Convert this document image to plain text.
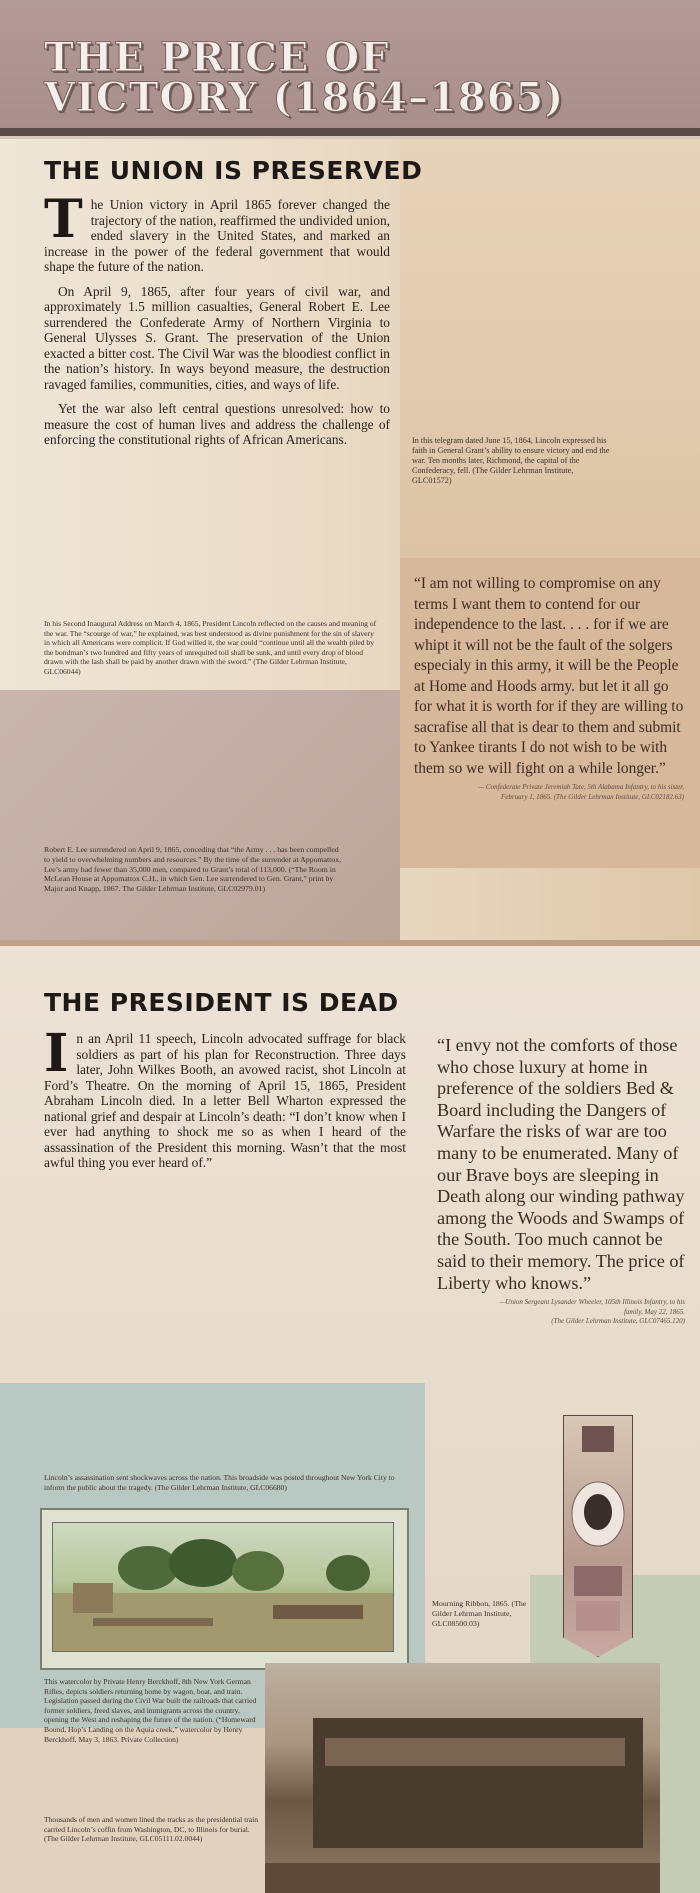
THE PRICE OF
VICTORY (1864–1865)
THE UNION IS PRESERVED

The Union victory in April 1865 forever changed the trajectory of the nation, reaffirmed the undivided union, ended slavery in the United States, and marked an increase in the power of the federal government that would shape the future of the nation.

On April 9, 1865, after four years of civil war, and approximately 1.5 million casualties, General Robert E. Lee surrendered the Confederate Army of Northern Virginia to General Ulysses S. Grant. The preservation of the Union exacted a bitter cost. The Civil War was the bloodiest conflict in the nation’s history. In ways beyond measure, the destruction ravaged families, communities, cities, and ways of life.

Yet the war also left central questions unresolved: how to measure the cost of human lives and address the challenge of enforcing the constitutional rights of African Americans.	In this telegram dated June 15, 1864, Lincoln expressed his faith in General Grant’s ability to ensure victory and end the war. Ten months later, Richmond, the capital of the Confederacy, fell. (The Gilder Lehrman Institute, GLC01572)
In his Second Inaugural Address on March 4, 1865, President Lincoln reflected on the causes and meaning of the war. The “scourge of war,” he explained, was best understood as divine punishment for the sin of slavery in which all Americans were complicit. If God willed it, the war could “continue until all the wealth piled by the bondman’s two hundred and fifty years of unrequited toil shall be sunk, and until every drop of blood drawn with the lash shall be paid by another drawn with the sword.” (The Gilder Lehrman Institute, GLC06044)
“I am not willing to compromise on any terms I want them to contend for our independence to the last. . . . for if we are whipt it will not be the fault of the solgers especialy in this army, it will be the People at Home and Hoods army. but let it all go for what it is worth for if they are willing to sacrafise all that is dear to them and submit to Yankee tirants I do not wish to be with them so we will fight on a while longer.”
— Confederate Private Jeremiah Tate, 5th Alabama Infantry, to his sister,
February 1, 1865. (The Gilder Lehrman Institute, GLC02182.63)
Robert E. Lee surrendered on April 9, 1865, conceding that “the Army . . . has been compelled to yield to overwhelming numbers and resources.” By the time of the surrender at Appomattox, Lee’s army had fewer than 35,000 men, compared to Grant’s total of 113,000. (“The Room in McLean House at Appomattox C.H., in which Gen. Lee surrendered to Gen. Grant,” print by Major and Knapp, 1867. The Gilder Lehrman Institute, GLC02979.01)
THE PRESIDENT IS DEAD

In an April 11 speech, Lincoln advocated suffrage for black soldiers as part of his plan for Reconstruction. Three days later, John Wilkes Booth, an avowed racist, shot Lincoln at Ford’s Theatre. On the morning of April 15, 1865, President Abraham Lincoln died. In a letter Bell Wharton expressed the national grief and despair at Lincoln’s death: “I don’t know when I ever had anything to shock me so as when I heard of the assassination of the President this morning. Wasn’t that the most awful thing you ever heard of.”

“I envy not the comforts of those who chose luxury at home in preference of the soldiers Bed & Board including the Dangers of Warfare the risks of war are too many to be enumerated. Many of our Brave boys are sleeping in Death along our winding pathway among the Woods and Swamps of the South. Too much cannot be said to their memory. The price of Liberty who knows.”
—Union Sergeant Lysander Wheeler, 105th Illinois Infantry, to his
family, May 22, 1865.
(The Gilder Lehrman Institute, GLC07465.120)
Lincoln’s assassination sent shockwaves across the nation. This broadside was posted throughout New York City to inform the public about the tragedy. (The Gilder Lehrman Institute, GLC06680)
Mourning Ribbon, 1865. (The Gilder Lehrman Institute, GLC08500.03)
This watercolor by Private Henry Berckhoff, 8th New York German Rifles, depicts soldiers returning home by wagon, boat, and train. Legislation passed during the Civil War built the railroads that carried former soldiers, freed slaves, and immigrants across the country, opening the West and reshaping the future of the nation. (“Homeward Bound, Hop’s Landing on the Aquia creek,” watercolor by Henry Berckhoff, May 3, 1863. Private Collection)
Thousands of men and women lined the tracks as the presidential train carried Lincoln’s coffin from Washington, DC, to Illinois for burial. (The Gilder Lehrman Institute, GLC05111.02.0044)
